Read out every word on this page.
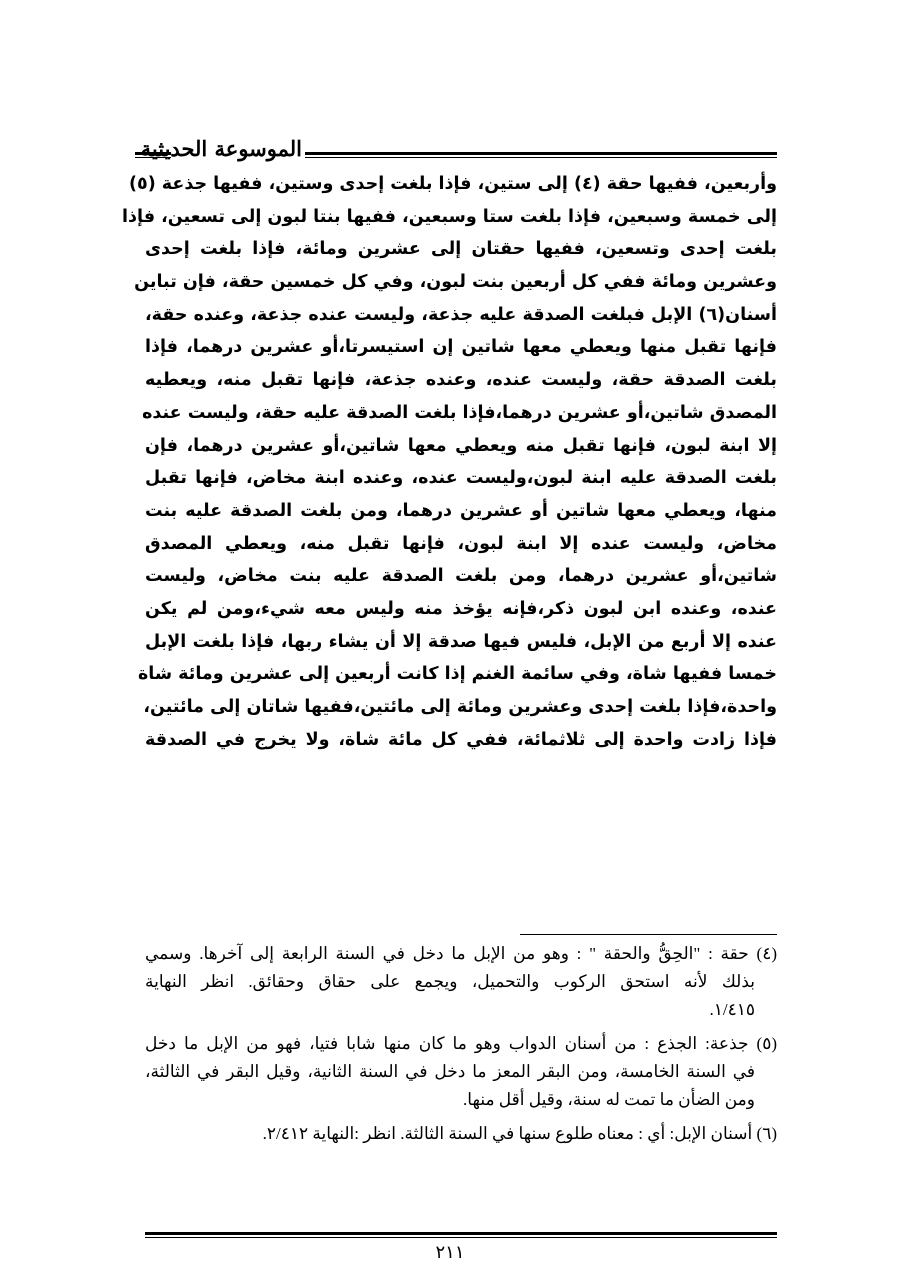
الموسوعة الحديثية
وأربعين، ففيها حقة (٤) إلى ستين، فإذا بلغت إحدى وستين، ففيها جذعة (٥)
إلى خمسة وسبعين، فإذا بلغت ستا وسبعين، ففيها بنتا لبون إلى تسعين، فإذا
بلغت إحدى وتسعين، ففيها حقتان إلى عشرين ومائة، فإذا بلغت إحدى
وعشرين ومائة ففي كل أربعين بنت لبون، وفي كل خمسين حقة، فإن تباين
أسنان(٦) الإبل فبلغت الصدقة عليه جذعة، وليست عنده جذعة، وعنده حقة،
فإنها تقبل منها ويعطي معها شاتين إن استيسرتا،أو عشرين درهما، فإذا
بلغت الصدقة حقة، وليست عنده، وعنده جذعة، فإنها تقبل منه، ويعطيه
المصدق شاتين،أو عشرين درهما،فإذا بلغت الصدقة عليه حقة، وليست عنده
إلا ابنة لبون، فإنها تقبل منه ويعطي معها شاتين،أو عشرين درهما، فإن
بلغت الصدقة عليه ابنة لبون،وليست عنده، وعنده ابنة مخاض، فإنها تقبل
منها، ويعطي معها شاتين أو عشرين درهما، ومن بلغت الصدقة عليه بنت
مخاض، وليست عنده إلا ابنة لبون، فإنها تقبل منه، ويعطي المصدق
شاتين،أو عشرين درهما، ومن بلغت الصدقة عليه بنت مخاض، وليست
عنده، وعنده ابن لبون ذكر،فإنه يؤخذ منه وليس معه شيء،ومن لم يكن
عنده إلا أربع من الإبل، فليس فيها صدقة إلا أن يشاء ربها، فإذا بلغت الإبل
خمسا ففيها شاة، وفي سائمة الغنم إذا كانت أربعين إلى عشرين ومائة شاة
واحدة،فإذا بلغت إحدى وعشرين ومائة إلى مائتين،ففيها شاتان إلى مائتين،
فإذا زادت واحدة إلى ثلاثمائة، ففي كل مائة شاة، ولا يخرج في الصدقة
(٤) حقة : "الحِقُّ والحقة " : وهو من الإبل ما دخل في السنة الرابعة إلى آخرها. وسمي
بذلك لأنه استحق الركوب والتحميل، ويجمع على حقاق وحقائق. انظر النهاية
١/٤١٥.
(٥) جذعة: الجذع : من أسنان الدواب وهو ما كان منها شابا فتيا، فهو من الإبل ما دخل
في السنة الخامسة، ومن البقر المعز ما دخل في السنة الثانية، وقيل البقر في الثالثة،
ومن الضأن ما تمت له سنة، وقيل أقل منها.
(٦) أسنان الإبل: أي : معناه طلوع سنها في السنة الثالثة. انظر :النهاية ٢/٤١٢.
٢١١
